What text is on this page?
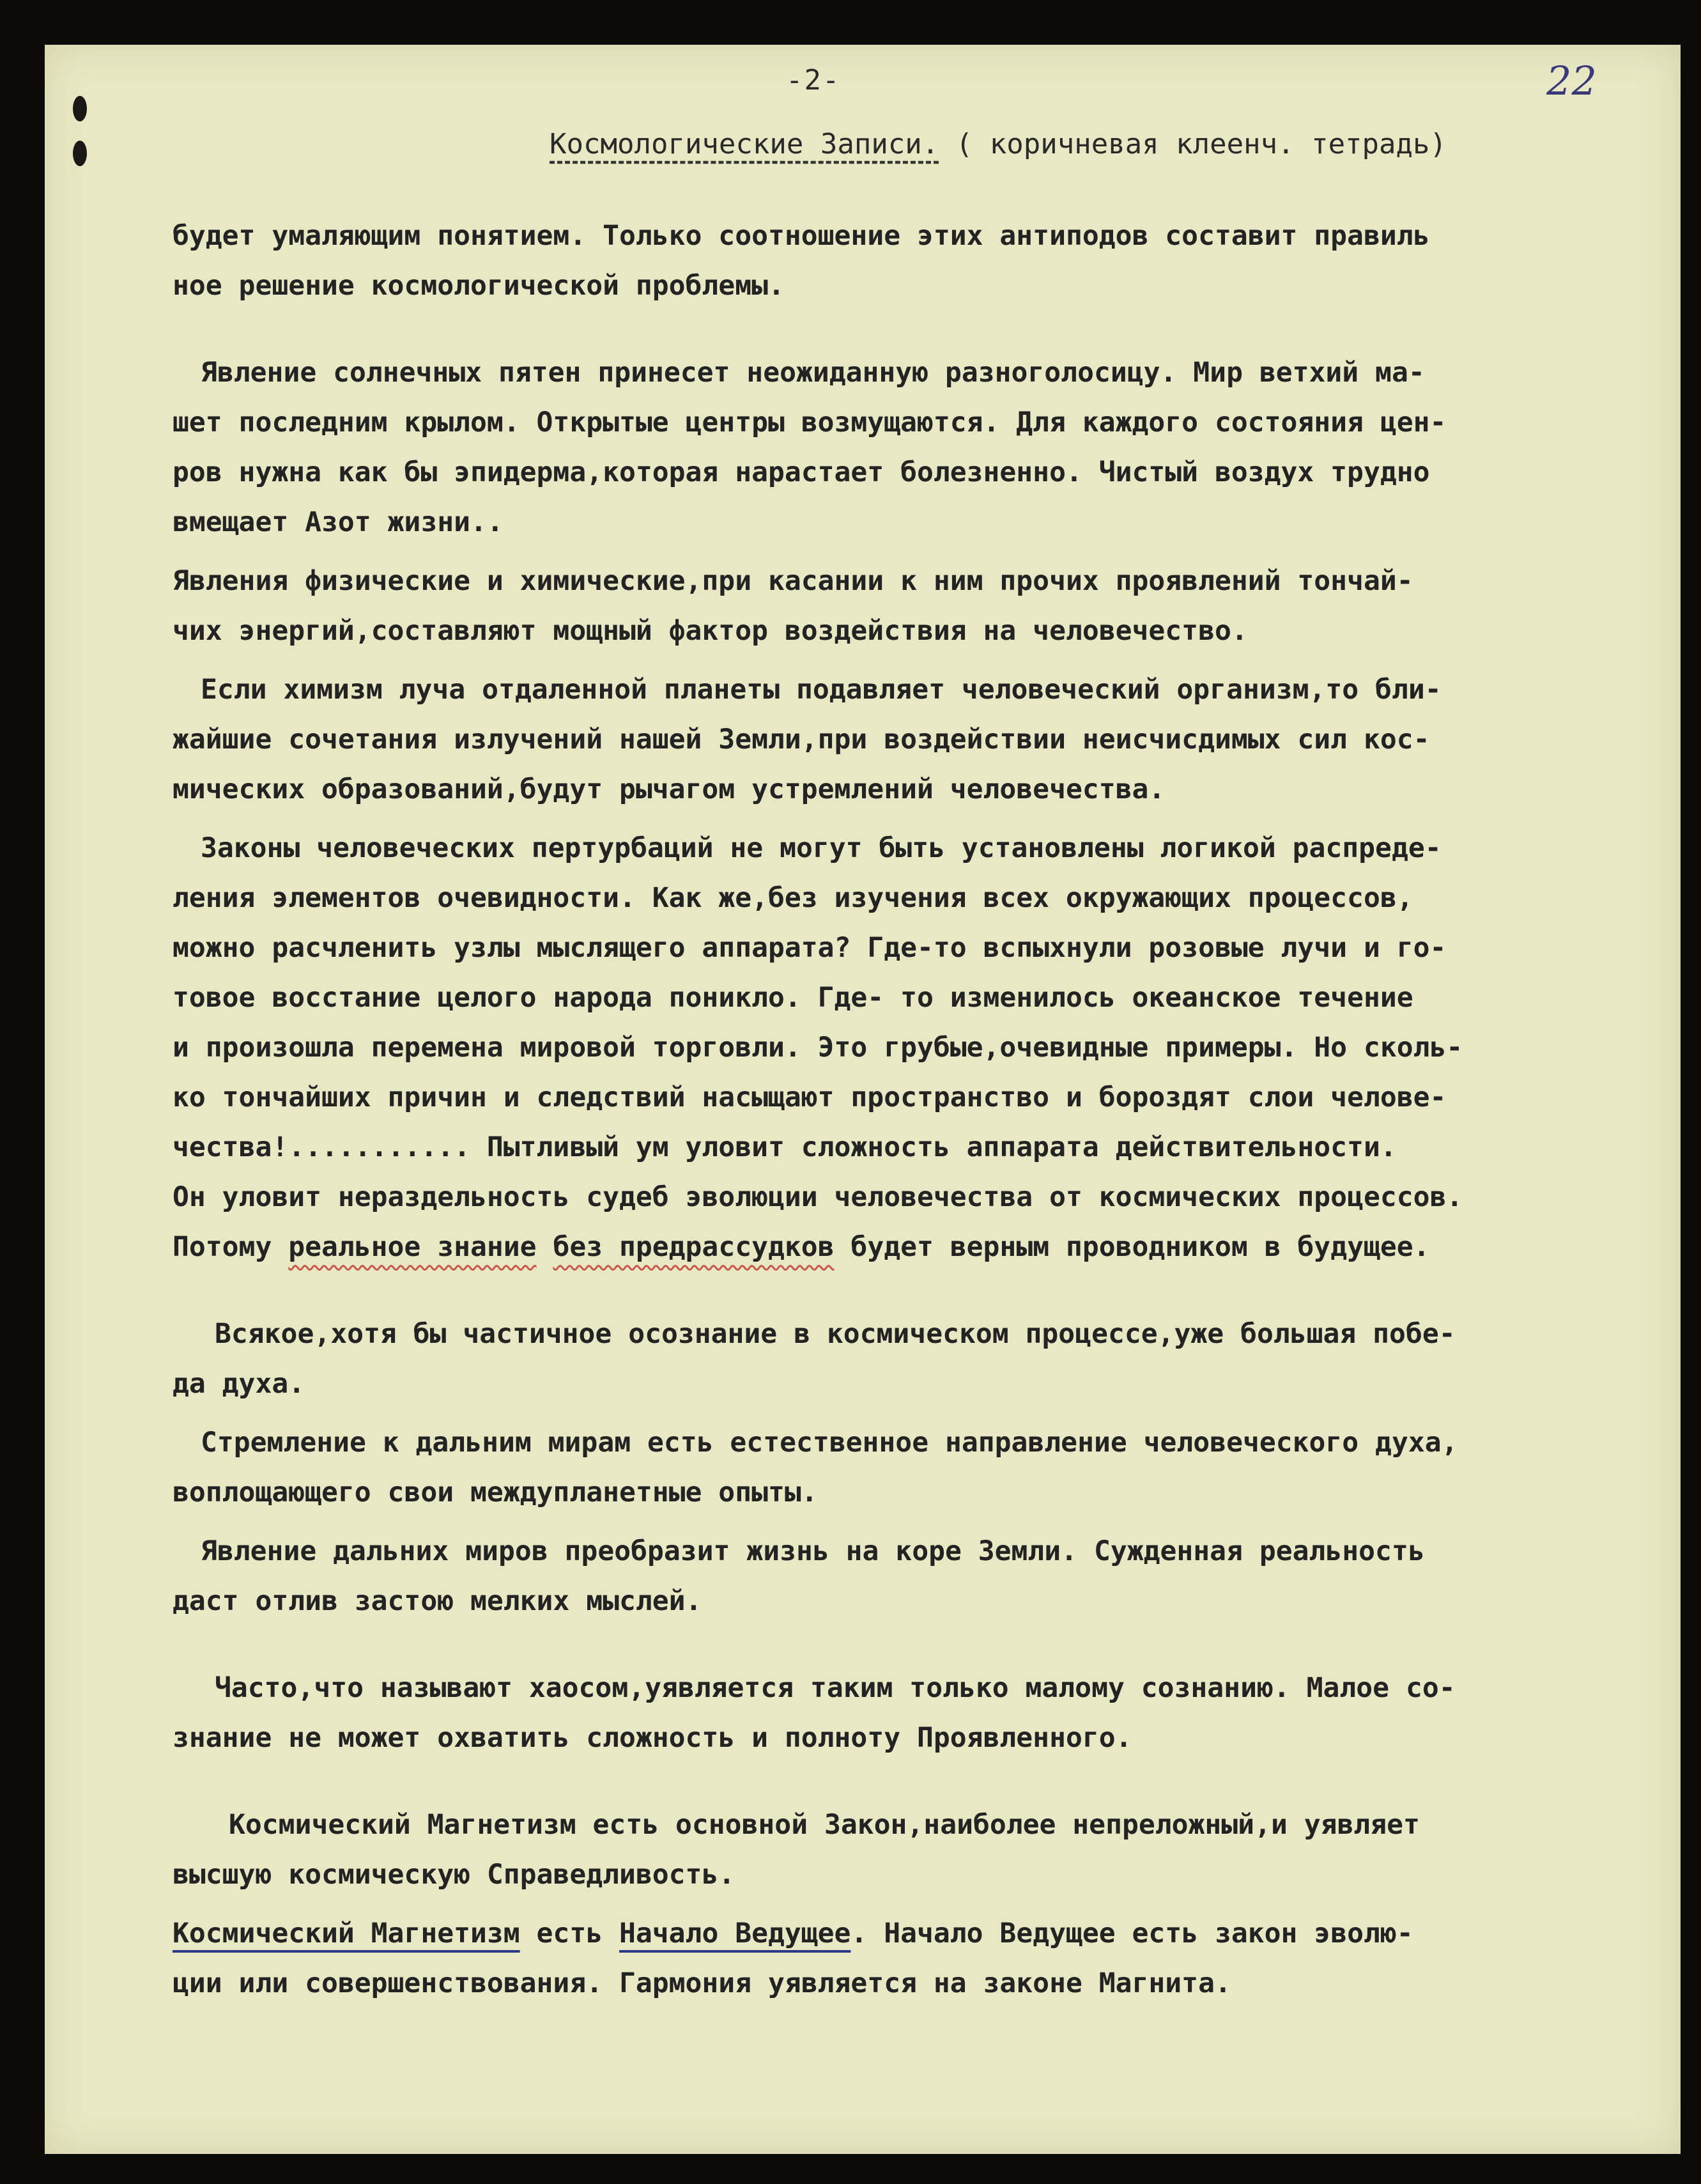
-2-	22
Космологические Записи. ( коричневая клеенч. тетрадь)

будет умаляющим понятием. Только соотношение этих антиподов составит правиль

ное решение космологической проблемы.

Явление солнечных пятен принесет неожиданную разноголосицу. Мир ветхий ма-

шет последним крылом. Открытые центры возмущаются. Для каждого состояния цен-

ров нужна как бы эпидерма,которая нарастает болезненно. Чистый воздух трудно

вмещает Азот жизни..

Явления физические и химические,при касании к ним прочих проявлений тончай-

чих энергий,составляют мощный фактор воздействия на человечество.

Если химизм луча отдаленной планеты подавляет человеческий организм,то бли-

жайшие сочетания излучений нашей Земли,при воздействии неисчисдимых сил кос-

мических образований,будут рычагом устремлений человечества.

Законы человеческих пертурбаций не могут быть установлены логикой распреде-

ления элементов очевидности. Как же,без изучения всех окружающих процессов,

можно расчленить узлы мыслящего аппарата? Где-то вспыхнули розовые лучи и го-

товое восстание целого народа поникло. Где- то изменилось океанское течение

и произошла перемена мировой торговли. Это грубые,очевидные примеры. Но сколь-

ко тончайших причин и следствий насыщают пространство и бороздят слои челове-

чества!........... Пытливый ум уловит сложность аппарата действительности.

Он уловит нераздельность судеб эволюции человечества от космических процессов.

Потому реальное знание без предрассудков будет верным проводником в будущее.

Всякое,хотя бы частичное осознание в космическом процессе,уже большая побе-

да духа.

Стремление к дальним мирам есть естественное направление человеческого духа,

воплощающего свои междупланетные опыты.

Явление дальних миров преобразит жизнь на коре Земли. Сужденная реальность

даст отлив застою мелких мыслей.

Часто,что называют хаосом,уявляется таким только малому сознанию. Малое со-

знание не может охватить сложность и полноту Проявленного.

Космический Магнетизм есть основной Закон,наиболее непреложный,и уявляет

высшую космическую Справедливость.

Космический Магнетизм есть Начало Ведущее. Начало Ведущее есть закон эволю-

ции или совершенствования. Гармония уявляется на законе Магнита.
